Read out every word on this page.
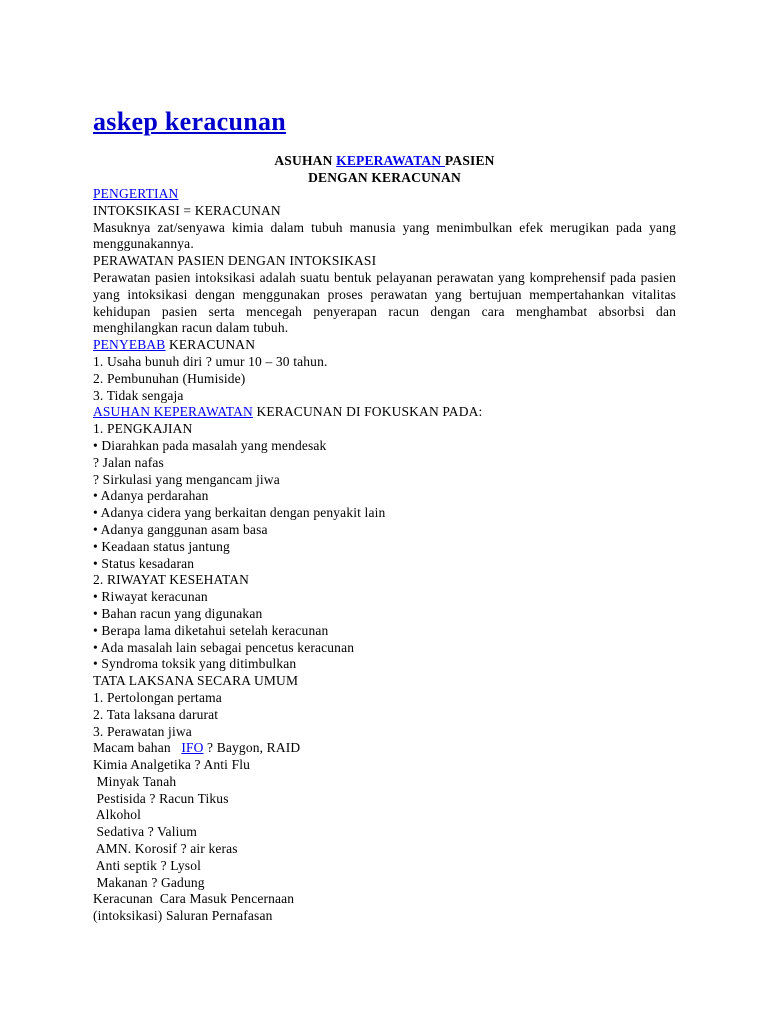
askep keracunan
ASUHAN KEPERAWATAN PASIEN
DENGAN KERACUNAN
PENGERTIAN
INTOKSIKASI = KERACUNAN
Masuknya zat/senyawa kimia dalam tubuh manusia yang menimbulkan efek merugikan pada yang menggunakannya.
PERAWATAN PASIEN DENGAN INTOKSIKASI
Perawatan pasien intoksikasi adalah suatu bentuk pelayanan perawatan yang komprehensif pada pasien yang intoksikasi dengan menggunakan proses perawatan yang bertujuan mempertahankan vitalitas kehidupan pasien serta mencegah penyerapan racun dengan cara menghambat absorbsi dan menghilangkan racun dalam tubuh.
PENYEBAB KERACUNAN
1. Usaha bunuh diri ? umur 10 – 30 tahun.
2. Pembunuhan (Humiside)
3. Tidak sengaja
ASUHAN KEPERAWATAN KERACUNAN DI FOKUSKAN PADA:
1. PENGKAJIAN
• Diarahkan pada masalah yang mendesak
? Jalan nafas
? Sirkulasi yang mengancam jiwa
• Adanya perdarahan
• Adanya cidera yang berkaitan dengan penyakit lain
• Adanya ganggunan asam basa
• Keadaan status jantung
• Status kesadaran
2. RIWAYAT KESEHATAN
• Riwayat keracunan
• Bahan racun yang digunakan
• Berapa lama diketahui setelah keracunan
• Ada masalah lain sebagai pencetus keracunan
• Syndroma toksik yang ditimbulkan
TATA LAKSANA SECARA UMUM
1. Pertolongan pertama
2. Tata laksana darurat
3. Perawatan jiwa
Macam bahan   IFO ? Baygon, RAID
Kimia Analgetika ? Anti Flu
Minyak Tanah
Pestisida ? Racun Tikus
Alkohol
Sedativa ? Valium
AMN. Korosif ? air keras
Anti septik ? Lysol
Makanan ? Gadung
Keracunan  Cara Masuk Pencernaan
(intoksikasi) Saluran Pernafasan
